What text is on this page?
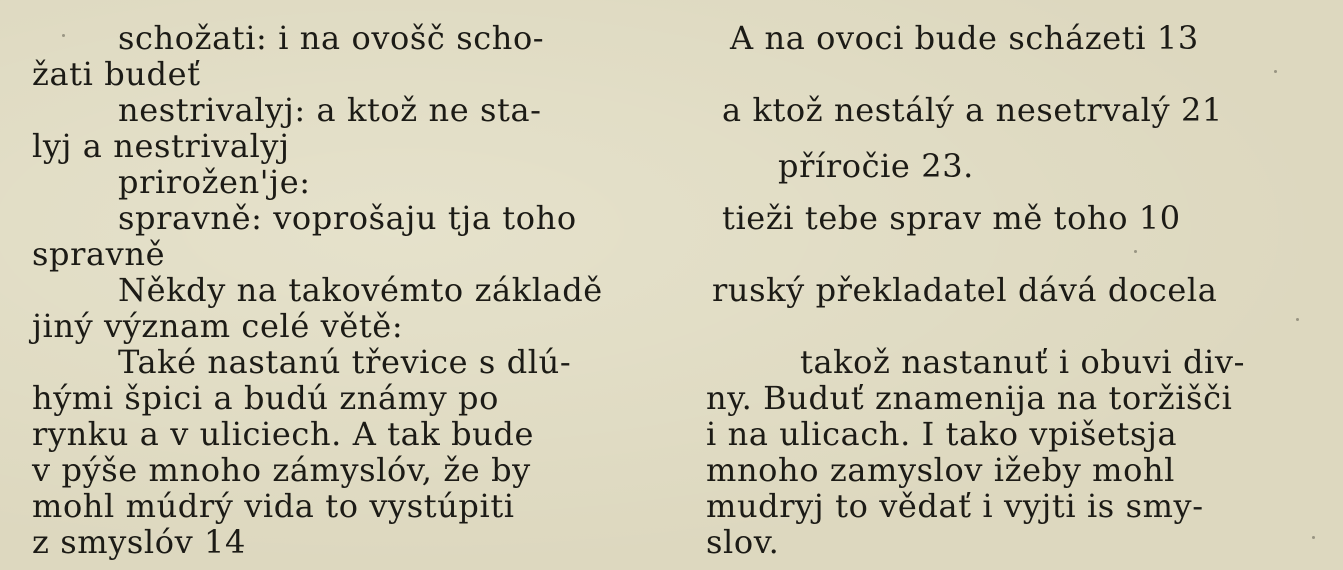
schožati: i na ovošč scho-
žati budeť
nestrivalyj: a ktož ne sta-
lyj a nestrivalyj
prirožen'je:
spravně: voprošaju tja toho
spravně
Někdy na takovémto základě
jiný význam celé větě:
Také nastanú třevice s dlú-
hými špici a budú známy po
rynku a v uliciech. A tak bude
v pýše mnoho zámyslóv, že by
mohl múdrý vida to vystúpiti
z smyslóv 14
A na ovoci bude scházeti 13
a ktož nestálý a nesetrvalý 21
příročie 23.
tieži tebe sprav mě toho 10
ruský překladatel dává docela
takož nastanuť i obuvi div-
ny. Buduť znamenija na toržišči
i na ulicach. I tako vpišetsja
mnoho zamyslov ižeby mohl
mudryj to vědať i vyjti is smy-
slov.
